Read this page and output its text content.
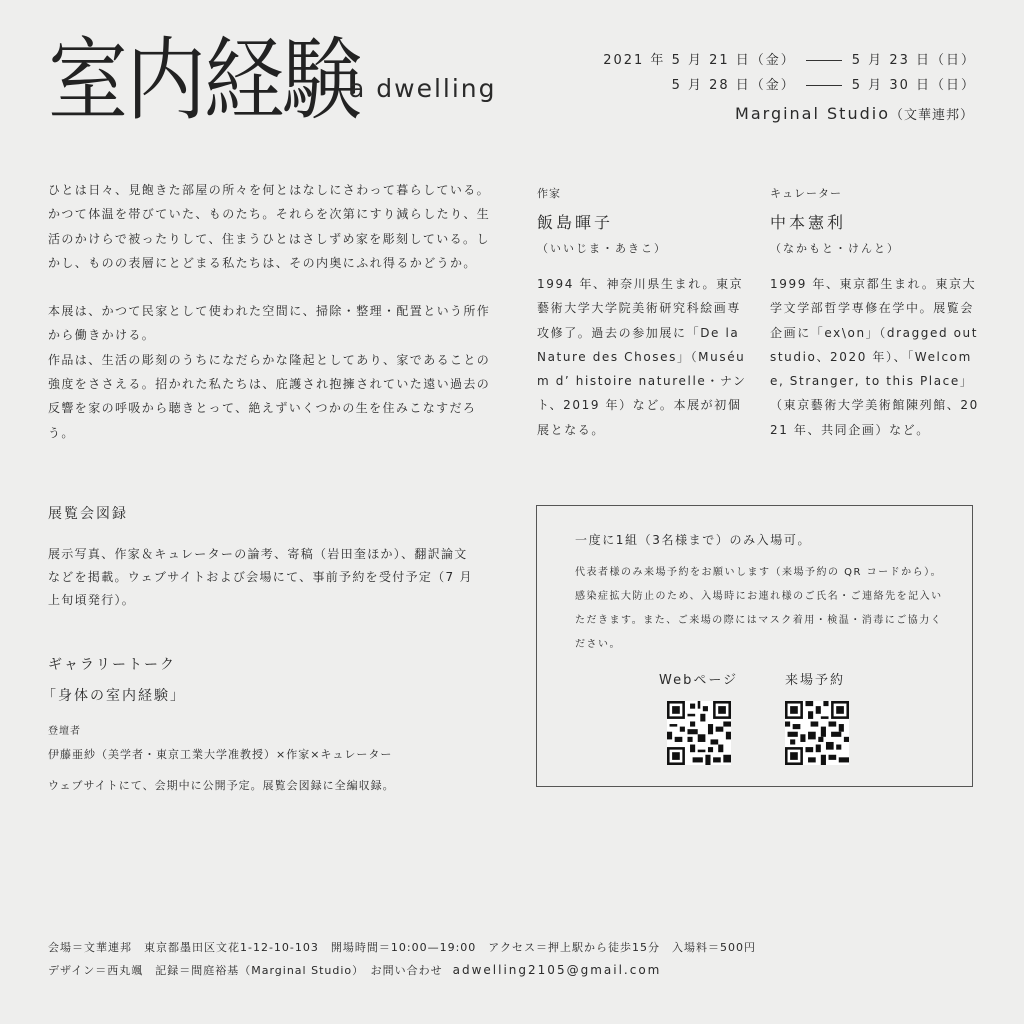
室内経験
a dwelling
2021 年 5 月 21 日（金）	5 月 23 日（日）
5 月 28 日（金）	5 月 30 日（日）
Marginal Studio（文華連邦）

ひとは日々、見飽きた部屋の所々を何とはなしにさわって暮らしている。かつて体温を帯びていた、ものたち。それらを次第にすり減らしたり、生活のかけらで被ったりして、住まうひとはさしずめ家を彫刻している。しかし、ものの表層にとどまる私たちは、その内奥にふれ得るかどうか。

本展は、かつて民家として使われた空間に、掃除・整理・配置という所作から働きかける。

作品は、生活の彫刻のうちになだらかな隆起としてあり、家であることの強度をささえる。招かれた私たちは、庇護され抱擁されていた遠い過去の反響を家の呼吸から聴きとって、絶えずいくつかの生を住みこなすだろう。

展覧会図録
展示写真、作家＆キュレーターの論考、寄稿（岩田奎ほか）、翻訳論文などを掲載。ウェブサイトおよび会場にて、事前予約を受付予定（7 月上旬頃発行）。
ギャラリートーク
「身体の室内経験」
登壇者
伊藤亜紗（美学者・東京工業大学准教授）×作家×キュレーター
ウェブサイトにて、会期中に公開予定。展覧会図録に全編収録。
作家
飯島暉子
（いいじま・あきこ）
1994 年、神奈川県生まれ。東京藝術大学大学院美術研究科絵画専攻修了。過去の参加展に「De la Nature des Choses」（Muséum d’ histoire naturelle・ナント、2019 年）など。本展が初個展となる。
キュレーター
中本憲利
（なかもと・けんと）
1999 年、東京都生まれ。東京大学文学部哲学専修在学中。展覧会企画に「ex\on」（dragged out studio、2020 年）、「Welcome, Stranger, to this Place」（東京藝術大学美術館陳列館、2021 年、共同企画）など。
一度に1組（3名様まで）のみ入場可。
代表者様のみ来場予約をお願いします（来場予約の QR コードから）。感染症拡大防止のため、入場時にお連れ様のご氏名・ご連絡先を記入いただきます。また、ご来場の際にはマスク着用・検温・消毒にご協力ください。
Webページ	来場予約
会場＝文華連邦　東京都墨田区文花1-12-10-103　開場時間＝10:00—19:00　アクセス＝押上駅から徒歩15分　入場料＝500円
デザイン＝西丸颯　記録＝間庭裕基（Marginal Studio）　お問い合わせ adwelling2105@gmail.com
